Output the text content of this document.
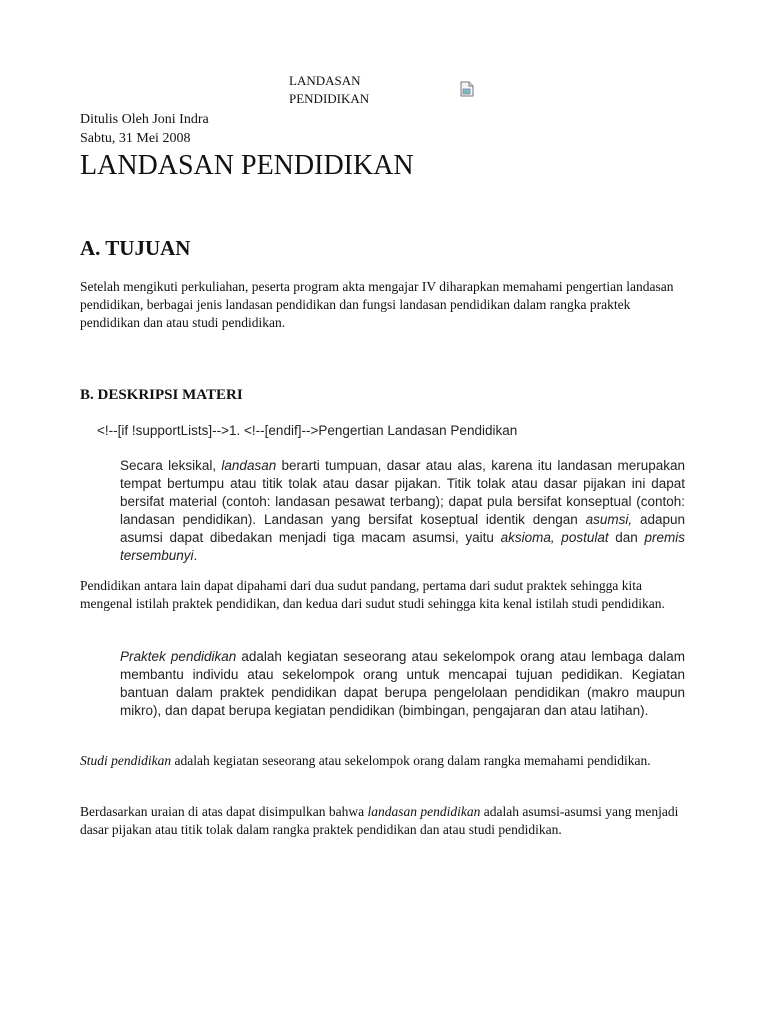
LANDASAN
PENDIDIKAN
Ditulis Oleh Joni Indra
Sabtu, 31 Mei 2008
LANDASAN PENDIDIKAN
A. TUJUAN

Setelah mengikuti perkuliahan, peserta program akta mengajar IV diharapkan memahami pengertian landasan pendidikan, berbagai jenis landasan pendidikan dan fungsi landasan pendidikan dalam rangka praktek pendidikan dan atau studi pendidikan.

B. DESKRIPSI MATERI
<!--[if !supportLists]-->1. <!--[endif]-->Pengertian Landasan Pendidikan

Secara leksikal, landasan berarti tumpuan, dasar atau alas, karena itu landasan merupakan tempat bertumpu atau titik tolak atau dasar pijakan. Titik tolak atau dasar pijakan ini dapat bersifat material (contoh: landasan pesawat terbang); dapat pula bersifat konseptual (contoh: landasan pendidikan). Landasan yang bersifat koseptual identik dengan asumsi, adapun asumsi dapat dibedakan menjadi tiga macam asumsi, yaitu aksioma, postulat dan premis tersembunyi.

Pendidikan antara lain dapat dipahami dari dua sudut pandang, pertama dari sudut praktek sehingga kita mengenal istilah praktek pendidikan, dan kedua dari sudut studi sehingga kita kenal istilah studi pendidikan.

Praktek pendidikan adalah kegiatan seseorang atau sekelompok orang atau lembaga dalam membantu individu atau sekelompok orang untuk mencapai tujuan pedidikan. Kegiatan bantuan dalam praktek pendidikan dapat berupa pengelolaan pendidikan (makro maupun mikro), dan dapat berupa kegiatan pendidikan (bimbingan, pengajaran dan atau latihan).

Studi pendidikan adalah kegiatan seseorang atau sekelompok orang dalam rangka memahami pendidikan.

Berdasarkan uraian di atas dapat disimpulkan bahwa landasan pendidikan adalah asumsi-asumsi yang menjadi dasar pijakan atau titik tolak dalam rangka praktek pendidikan dan atau studi pendidikan.
